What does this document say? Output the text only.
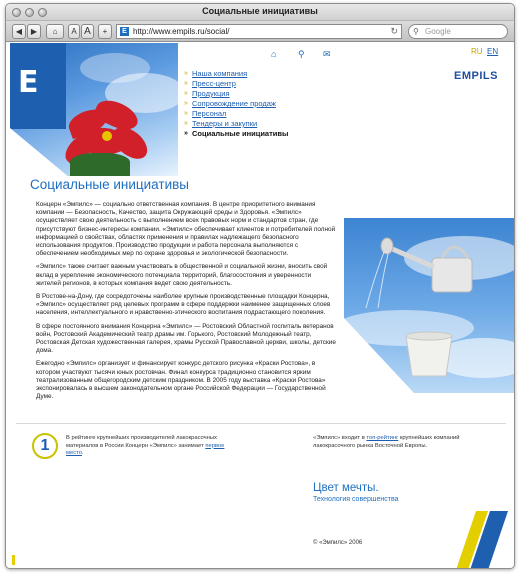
Социальные инициативы
◀	▶	⌂	A A	+	E http://www.empils.ru/social/	↻ ⚲ Google
E
⌂ ⚲ ✉	RU EN
» Наша компания
» Пресс-центр
» Продукция
» Сопровождение продаж
» Персонал
» Тендеры и закупки
» Социальные инициативы
EMPILS
Социальные инициативы

Концерн «Эмпилс» — социально ответственная компания. В центре приоритетного внимания компании — Безопасность, Качество, защита Окружающей среды и Здоровья. «Эмпилс» осуществляет свою деятельность с выполнением всех правовых норм и стандартов стран, где присутствуют бизнес-интересы компании. «Эмпилс» обеспечивает клиентов и потребителей полной информацией о свойствах, областях применения и правилах надлежащего безопасного использования продуктов. Производство продукции и работа персонала выполняются с обеспечением необходимых мер по охране здоровья и экологической безопасности.

«Эмпилс» также считает важным участвовать в общественной и социальной жизни, вносить свой вклад в укрепление экономического потенциала территорий, благосостояния и уверенности жителей регионов, в которых компания ведет свою деятельность.

В Ростове-на-Дону, где сосредоточены наиболее крупные производственные площадки Концерна, «Эмпилс» осуществляет ряд целевых программ в сфере поддержки наименее защищенных слоев населения, интеллектуального и нравственно-этического воспитания подрастающего поколения.

В сфере постоянного внимания Концерна «Эмпилс» — Ростовский Областной госпиталь ветеранов войн, Ростовский Академический театр драмы им. Горького, Ростовский Молодежный театр, Ростовская Детская художественная галерея, храмы Русской Православной церкви, школы, детские дома.

Ежегодно «Эмпилс» организует и финансирует конкурс детского рисунка «Краски Ростова», в котором участвуют тысячи юных ростовчан. Финал конкурса традиционно становится ярким театрализованным общегородским детским праздником. В 2005 году выставка «Краски Ростова» экспонировалась в высшем законодательном органе Российской Федерации — Государственной Думе.

1	В рейтинге крупнейших производителей лакокрасочных материалов в России Концерн «Эмпилс» занимает первое место.
«Эмпилс» входит в топ-рейтинг крупнейших компаний лакокрасочного рынка Восточной Европы.
Цвет мечты.
Технология совершенства
© «Эмпилс» 2006
